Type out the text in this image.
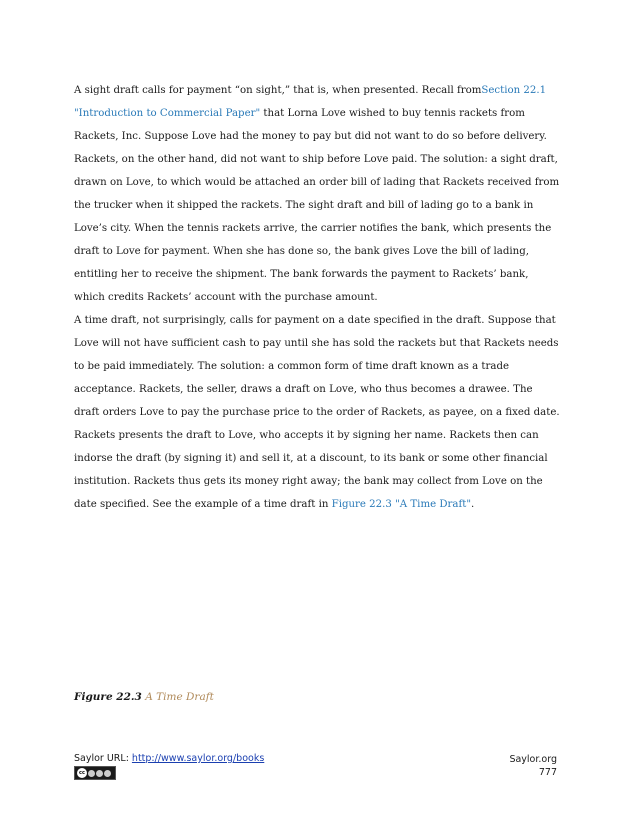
A sight draft calls for payment “on sight,” that is, when presented. Recall fromSection 22.1 "Introduction to Commercial Paper" that Lorna Love wished to buy tennis rackets from Rackets, Inc. Suppose Love had the money to pay but did not want to do so before delivery. Rackets, on the other hand, did not want to ship before Love paid. The solution: a sight draft, drawn on Love, to which would be attached an order bill of lading that Rackets received from the trucker when it shipped the rackets. The sight draft and bill of lading go to a bank in Love’s city. When the tennis rackets arrive, the carrier notifies the bank, which presents the draft to Love for payment. When she has done so, the bank gives Love the bill of lading, entitling her to receive the shipment. The bank forwards the payment to Rackets’ bank, which credits Rackets’ account with the purchase amount.

A time draft, not surprisingly, calls for payment on a date specified in the draft. Suppose that Love will not have sufficient cash to pay until she has sold the rackets but that Rackets needs to be paid immediately. The solution: a common form of time draft known as a trade acceptance. Rackets, the seller, draws a draft on Love, who thus becomes a drawee. The draft orders Love to pay the purchase price to the order of Rackets, as payee, on a fixed date. Rackets presents the draft to Love, who accepts it by signing her name. Rackets then can indorse the draft (by signing it) and sell it, at a discount, to its bank or some other financial institution. Rackets thus gets its money right away; the bank may collect from Love on the date specified. See the example of a time draft in Figure 22.3 "A Time Draft".

Figure 22.3 A Time Draft
Saylor URL: http://www.saylor.org/books
cc
Saylor.org
777
